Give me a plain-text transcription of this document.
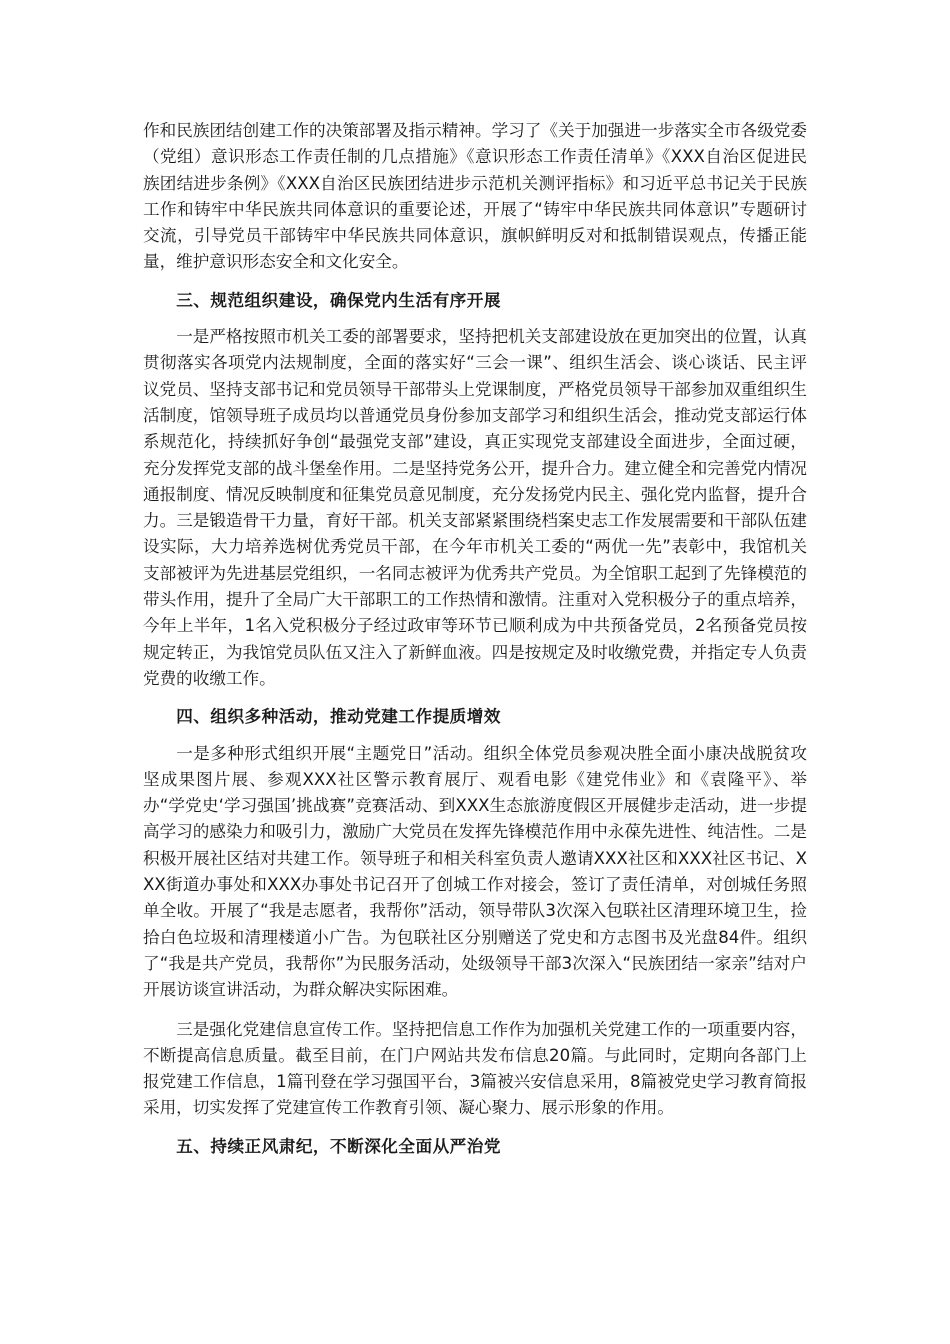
作和民族团结创建工作的决策部署及指示精神。学习了《关于加强进一步落实全市各级党委（党组）意识形态工作责任制的几点措施》《意识形态工作责任清单》《XXX自治区促进民族团结进步条例》《XXX自治区民族团结进步示范机关测评指标》和习近平总书记关于民族工作和铸牢中华民族共同体意识的重要论述，开展了“铸牢中华民族共同体意识”专题研讨交流，引导党员干部铸牢中华民族共同体意识，旗帜鲜明反对和抵制错误观点，传播正能量，维护意识形态安全和文化安全。

三、规范组织建设，确保党内生活有序开展

一是严格按照市机关工委的部署要求，坚持把机关支部建设放在更加突出的位置，认真贯彻落实各项党内法规制度，全面的落实好“三会一课”、组织生活会、谈心谈话、民主评议党员、坚持支部书记和党员领导干部带头上党课制度，严格党员领导干部参加双重组织生活制度，馆领导班子成员均以普通党员身份参加支部学习和组织生活会，推动党支部运行体系规范化，持续抓好争创“最强党支部”建设，真正实现党支部建设全面进步，全面过硬，充分发挥党支部的战斗堡垒作用。二是坚持党务公开，提升合力。建立健全和完善党内情况通报制度、情况反映制度和征集党员意见制度，充分发扬党内民主、强化党内监督，提升合力。三是锻造骨干力量，育好干部。机关支部紧紧围绕档案史志工作发展需要和干部队伍建设实际，大力培养选树优秀党员干部，在今年市机关工委的“两优一先”表彰中，我馆机关支部被评为先进基层党组织，一名同志被评为优秀共产党员。为全馆职工起到了先锋模范的带头作用，提升了全局广大干部职工的工作热情和激情。注重对入党积极分子的重点培养，今年上半年，1名入党积极分子经过政审等环节已顺利成为中共预备党员，2名预备党员按规定转正，为我馆党员队伍又注入了新鲜血液。四是按规定及时收缴党费，并指定专人负责党费的收缴工作。

四、组织多种活动，推动党建工作提质增效

一是多种形式组织开展“主题党日”活动。组织全体党员参观决胜全面小康决战脱贫攻坚成果图片展、参观XXX社区警示教育展厅、观看电影《建党伟业》和《袁隆平》、举办“学党史‘学习强国’挑战赛”竞赛活动、到XXX生态旅游度假区开展健步走活动，进一步提高学习的感染力和吸引力，激励广大党员在发挥先锋模范作用中永葆先进性、纯洁性。二是积极开展社区结对共建工作。领导班子和相关科室负责人邀请XXX社区和XXX社区书记、XXX街道办事处和XXX办事处书记召开了创城工作对接会，签订了责任清单，对创城任务照单全收。开展了“我是志愿者，我帮你”活动，领导带队3次深入包联社区清理环境卫生，捡拾白色垃圾和清理楼道小广告。为包联社区分别赠送了党史和方志图书及光盘84件。组织了“我是共产党员，我帮你”为民服务活动，处级领导干部3次深入“民族团结一家亲”结对户开展访谈宣讲活动，为群众解决实际困难。

三是强化党建信息宣传工作。坚持把信息工作作为加强机关党建工作的一项重要内容，不断提高信息质量。截至目前，在门户网站共发布信息20篇。与此同时，定期向各部门上报党建工作信息，1篇刊登在学习强国平台，3篇被兴安信息采用，8篇被党史学习教育简报采用，切实发挥了党建宣传工作教育引领、凝心聚力、展示形象的作用。

五、持续正风肃纪，不断深化全面从严治党
